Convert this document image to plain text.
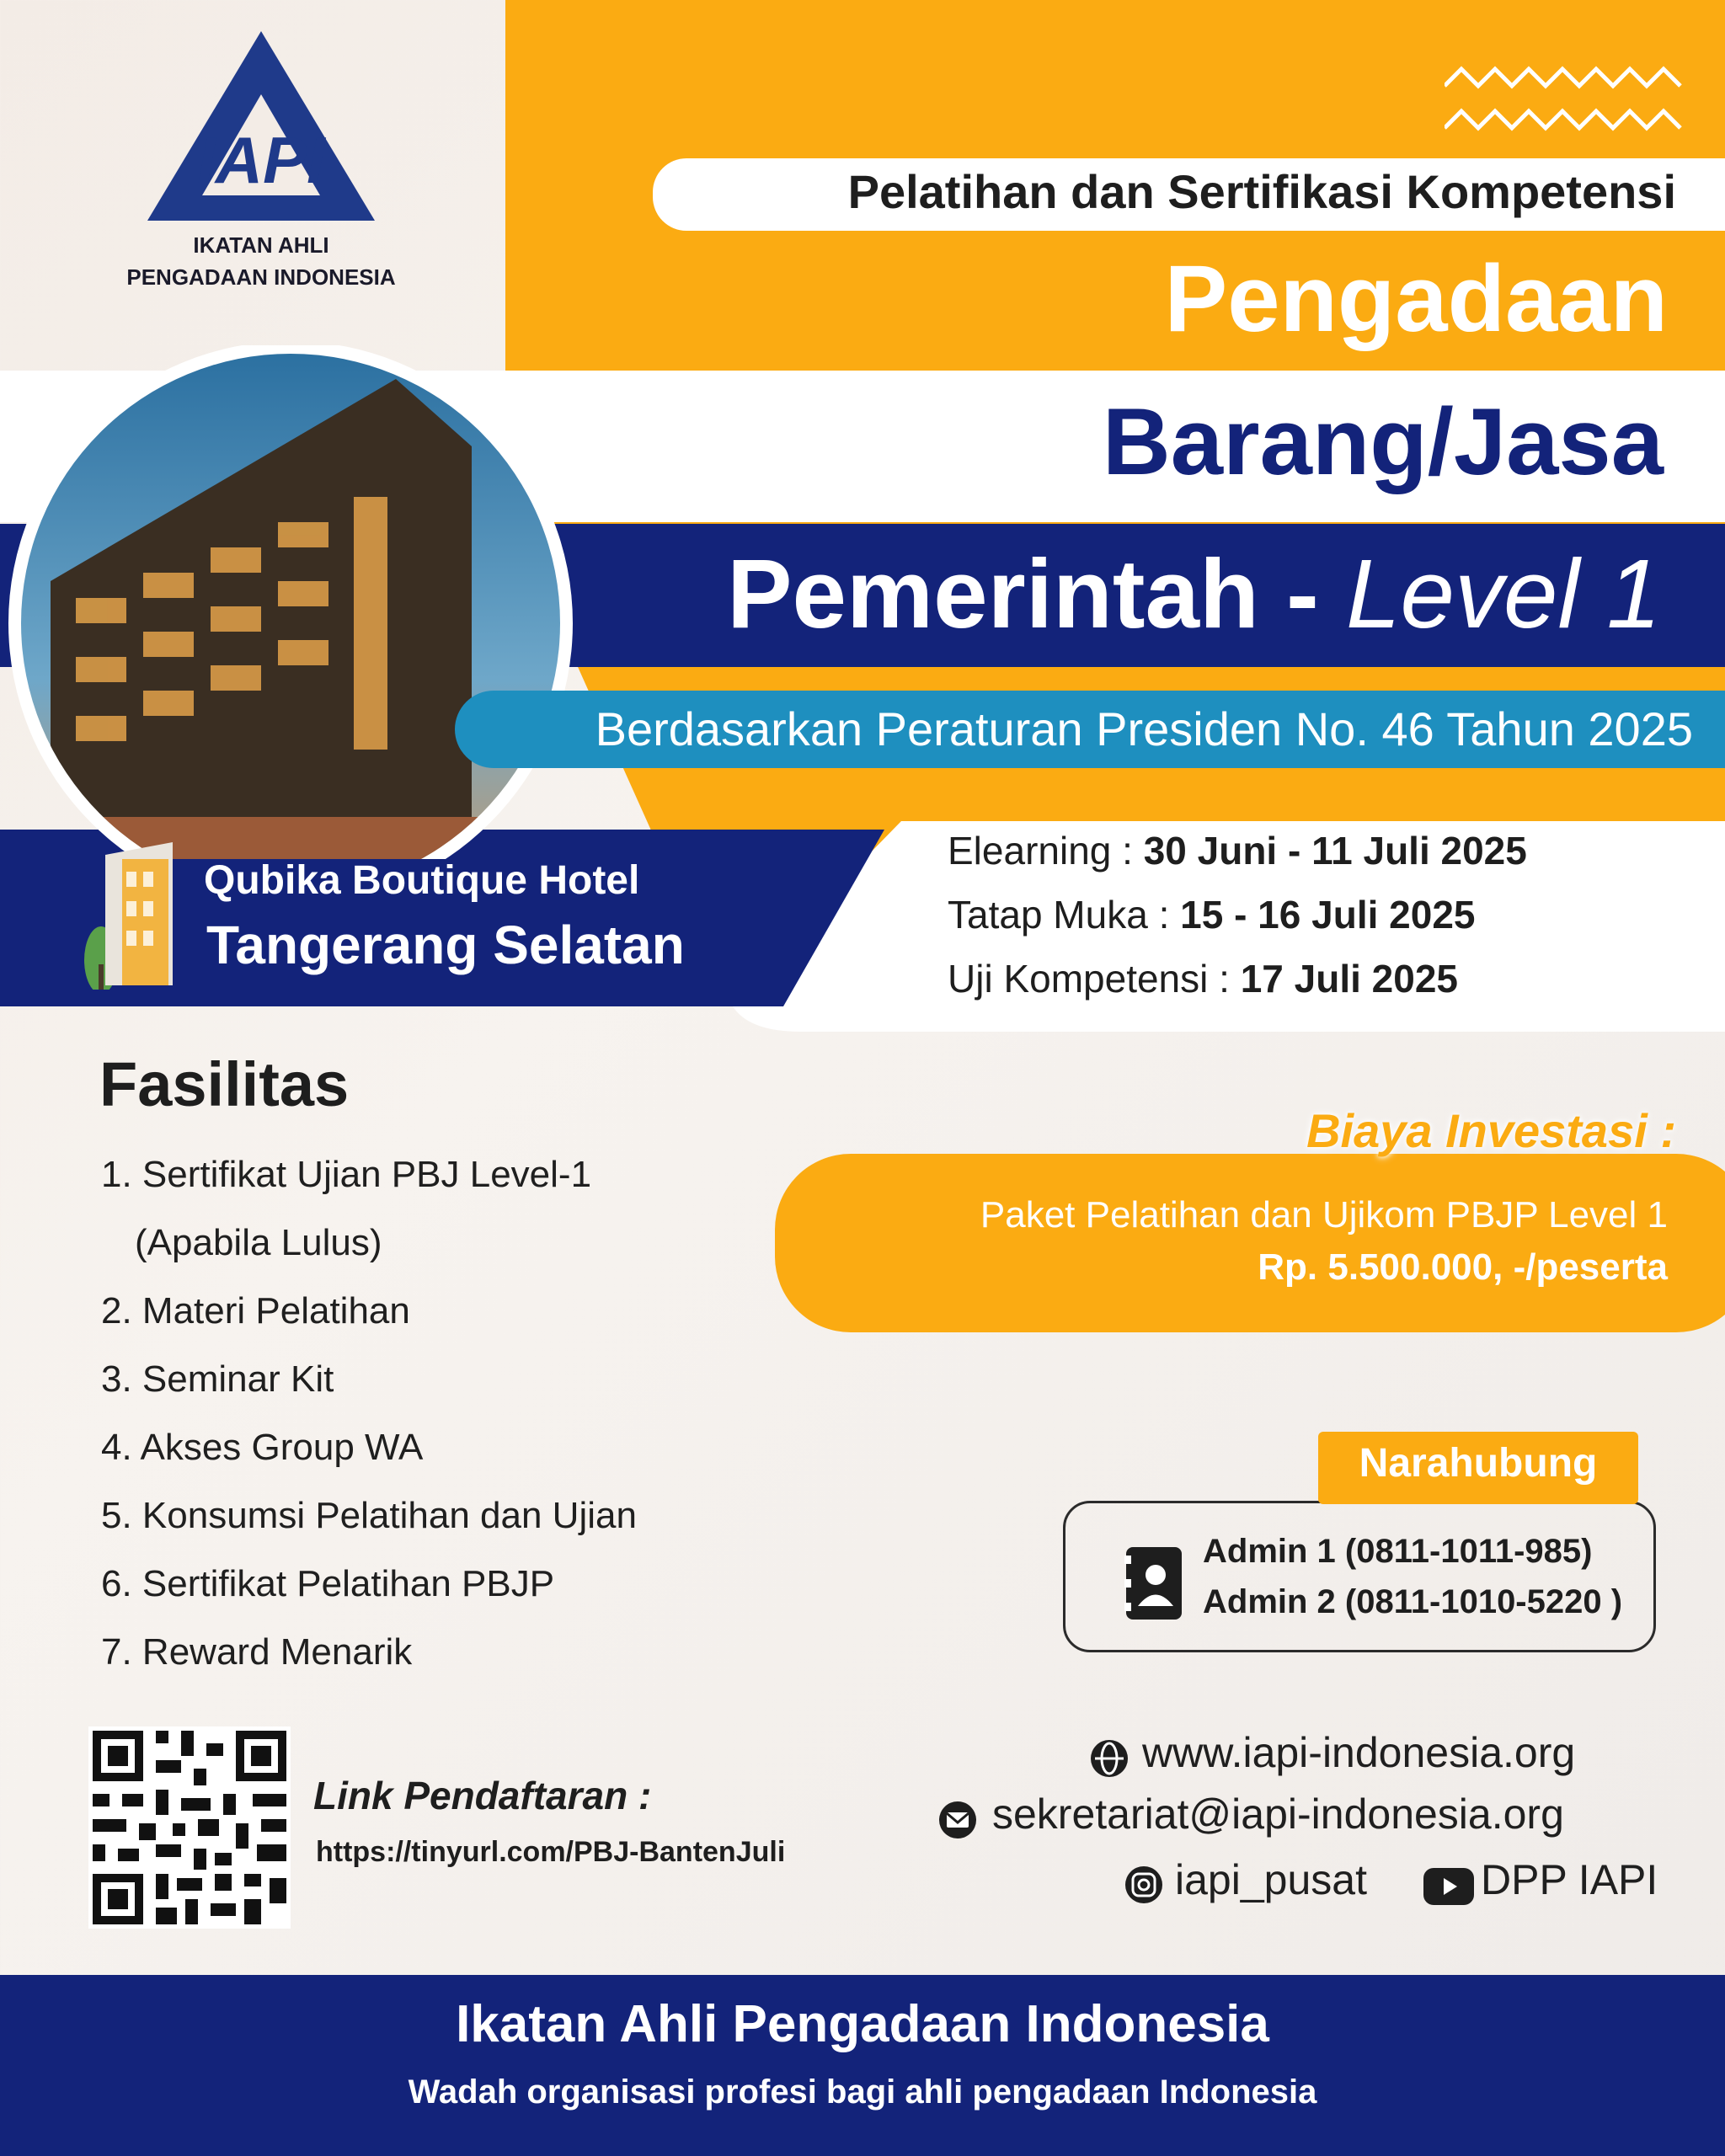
Pelatihan dan Sertifikasi Kompetensi
IAPI
IKATAN AHLI
PENGADAAN INDONESIA	Pengadaan
Barang/Jasa
Pemerintah - Level 1
Berdasarkan Peraturan Presiden No. 46 Tahun 2025
Qubika Boutique Hotel
Tangerang Selatan
Elearning : 30 Juni - 11 Juli 2025
Tatap Muka : 15 - 16 Juli 2025
Uji Kompetensi : 17 Juli 2025
Fasilitas
1. Sertifikat Ujian PBJ Level-1
(Apabila Lulus)
2. Materi Pelatihan
3. Seminar Kit
4. Akses Group WA
5. Konsumsi Pelatihan dan Ujian
6. Sertifikat Pelatihan PBJP
7. Reward Menarik
Biaya Investasi :
Paket Pelatihan dan Ujikom PBJP Level 1
Rp. 5.500.000, -/peserta
Narahubung
Admin 1 (0811-1011-985)
Admin 2 (0811-1010-5220 )
Link Pendaftaran :
https://tinyurl.com/PBJ-BantenJuli
www.iapi-indonesia.org
sekretariat@iapi-indonesia.org
iapi_pusat	DPP IAPI
Ikatan Ahli Pengadaan Indonesia
Wadah organisasi profesi bagi ahli pengadaan Indonesia
